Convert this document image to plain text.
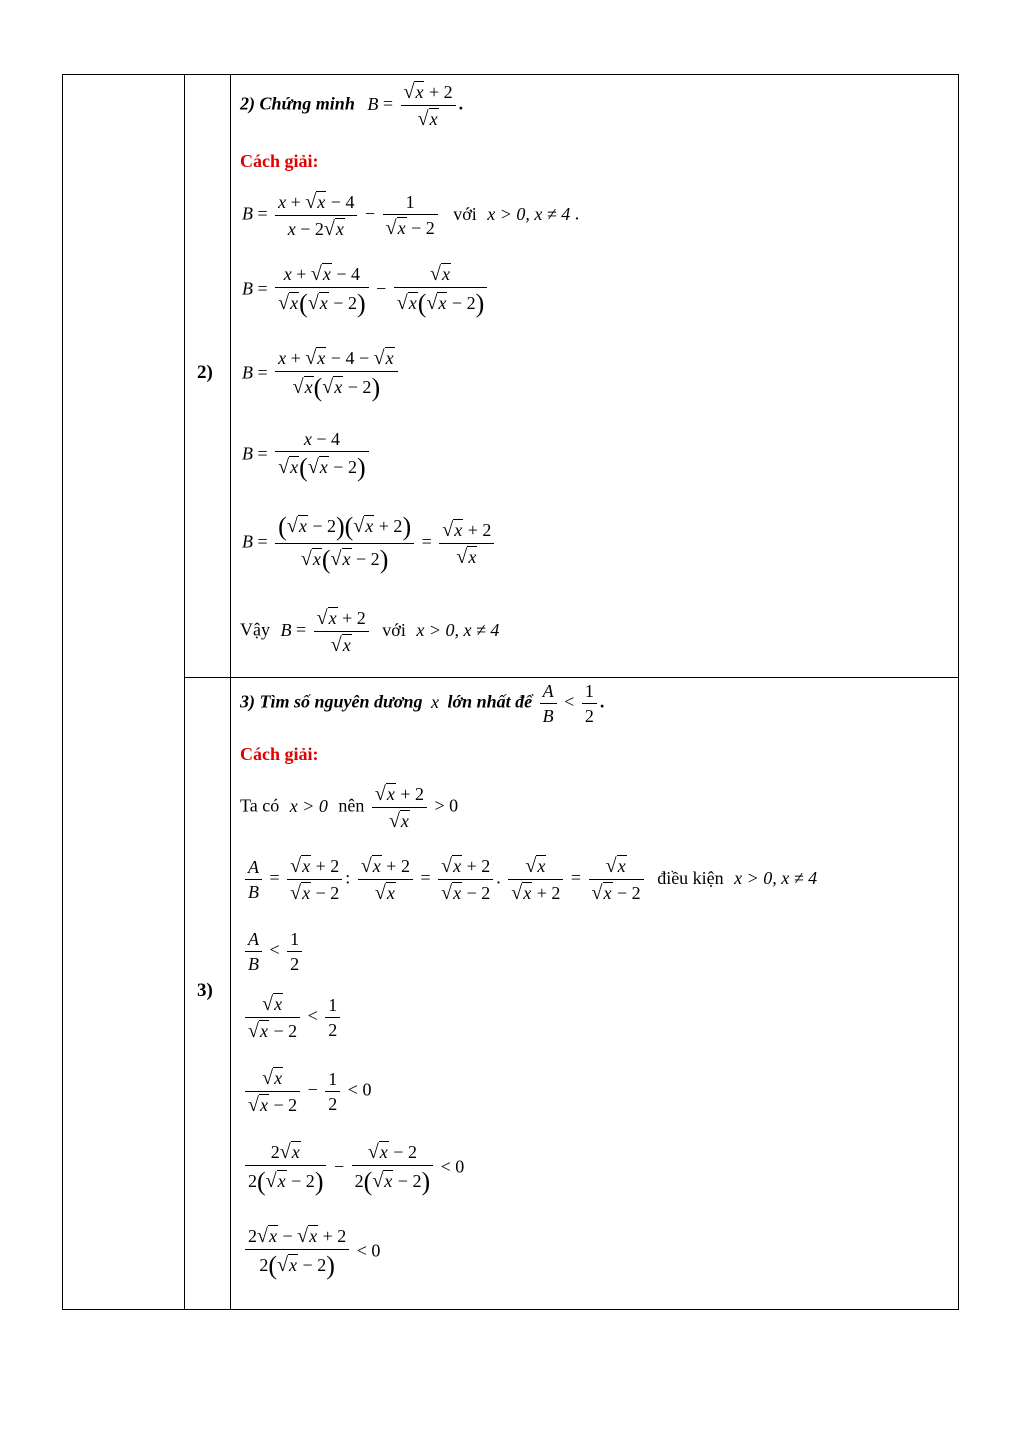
2)
3)
2) Chứng minh $B = \frac{√x + 2}{√x}$ .
Cách giải:
$B = \frac{x + √x - 4}{x - 2√x} - \frac{1}{√x - 2}$ với x > 0, x ≠ 4 .
$B = \frac{x + √x - 4}{√x(√x - 2)} - \frac{√x}{√x(√x - 2)}$
$B = \frac{x + √x - 4 - √x}{√x(√x - 2)}$
$B = \frac{x - 4}{√x(√x - 2)}$
$B = \frac{(√x - 2)(√x + 2)}{√x(√x - 2)} = \frac{√x + 2}{√x}$
Vậy $B = \frac{√x + 2}{√x}$ với x > 0, x ≠ 4
3) Tìm số nguyên dương x lớn nhất để $\frac{A}{B} < \frac{1}{2}$ .
Cách giải:
Ta có x > 0 nên $\frac{√x + 2}{√x} > 0$
$\frac{A}{B} = \frac{√x + 2}{√x - 2}$ : $\frac{√x + 2}{√x} = \frac{√x + 2}{√x - 2}$ . $\frac{√x}{√x + 2} = \frac{√x}{√x - 2}$ điều kiện x > 0, x ≠ 4
$\frac{A}{B} < \frac{1}{2}$
$\frac{√x}{√x - 2} < \frac{1}{2}$
$\frac{√x}{√x - 2} - \frac{1}{2} < 0$
$\frac{2√x}{2(√x - 2)} - \frac{√x - 2}{2(√x - 2)} < 0$
$\frac{2√x - √x + 2}{2(√x - 2)} < 0$
